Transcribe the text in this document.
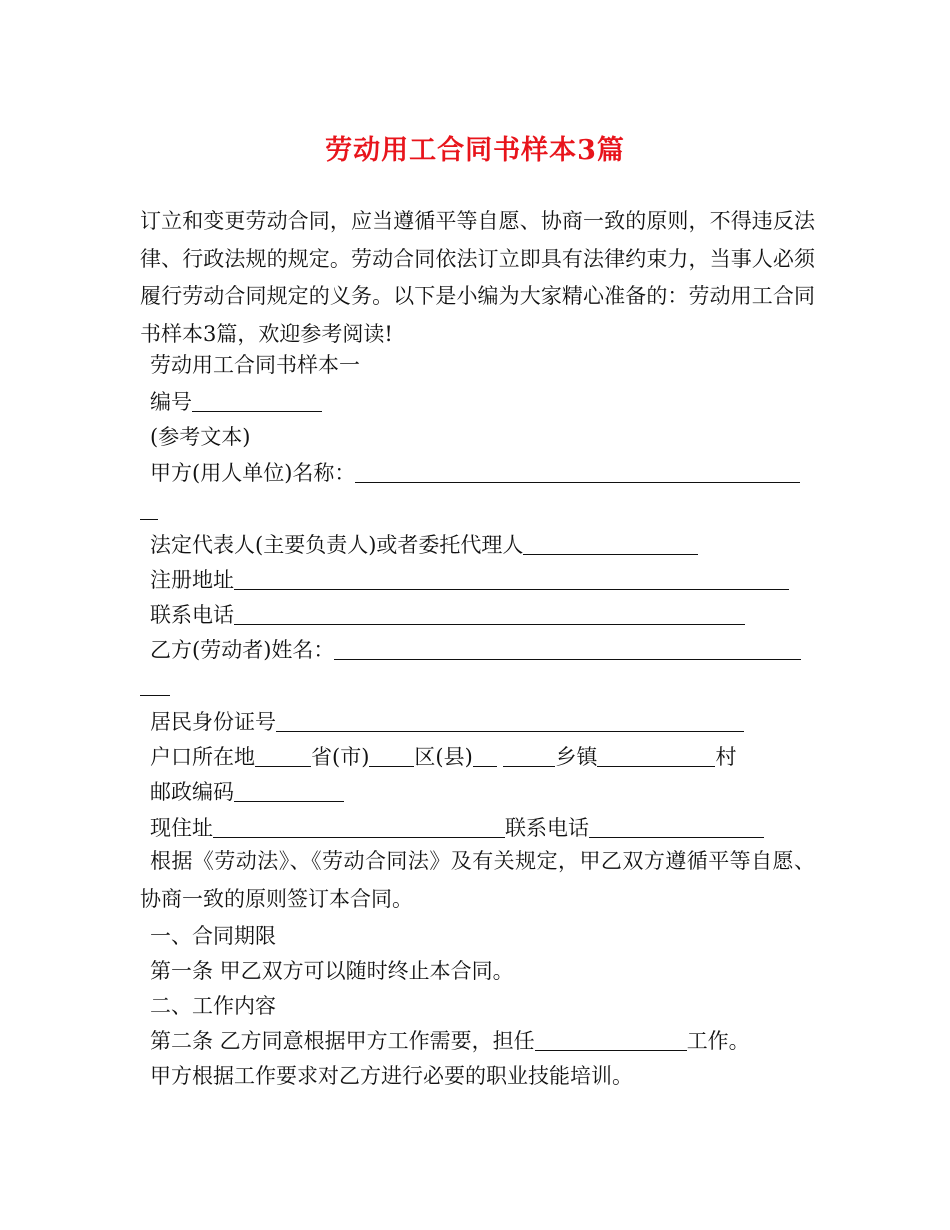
劳动用工合同书样本3篇
订立和变更劳动合同，应当遵循平等自愿、协商一致的原则，不得违反法律、行政法规的规定。劳动合同依法订立即具有法律约束力，当事人必须履行劳动合同规定的义务。以下是小编为大家精心准备的：劳动用工合同书样本3篇，欢迎参考阅读!
劳动用工合同书样本一
编号
(参考文本)
甲方(用人单位)名称：
法定代表人(主要负责人)或者委托代理人
注册地址
联系电话
乙方(劳动者)姓名：
居民身份证号
户口所在地	省(市) 区(县)	乡镇	村
邮政编码
现住址	联系电话
根据《劳动法》、《劳动合同法》及有关规定，甲乙双方遵循平等自愿、协商一致的原则签订本合同。
一、合同期限
第一条 甲乙双方可以随时终止本合同。
二、工作内容
第二条 乙方同意根据甲方工作需要，担任	工作。
甲方根据工作要求对乙方进行必要的职业技能培训。
